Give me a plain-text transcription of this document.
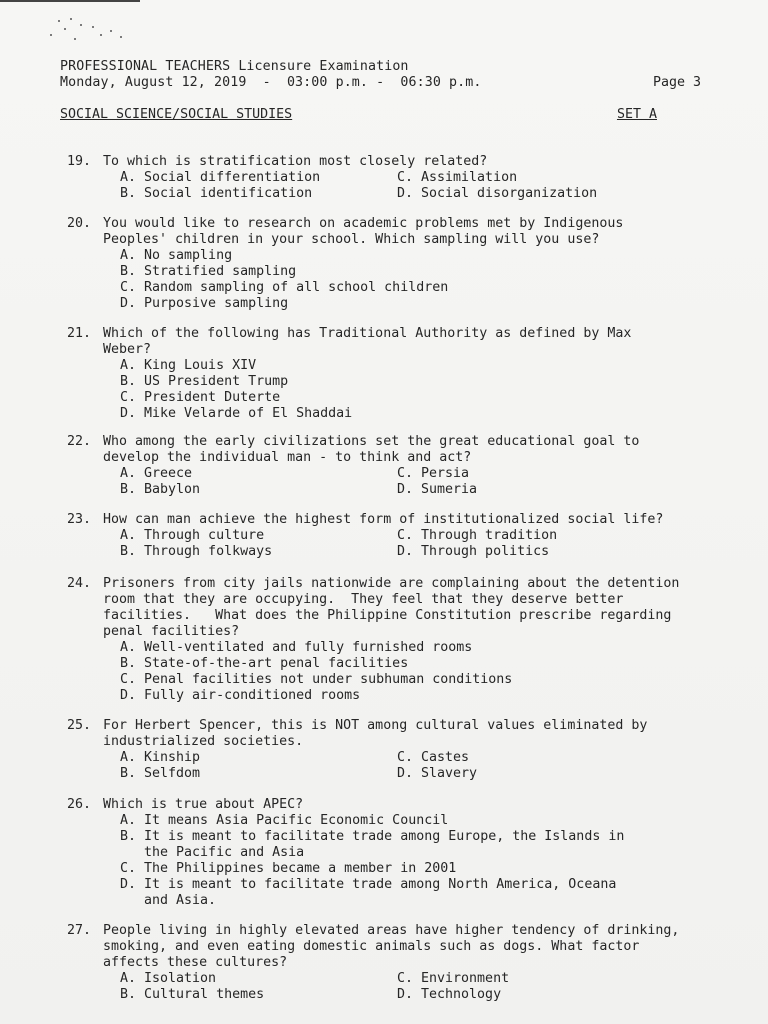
PROFESSIONAL TEACHERS Licensure Examination
Monday, August 12, 2019  -  03:00 p.m. -  06:30 p.m.	Page 3
SOCIAL SCIENCE/SOCIAL STUDIES	SET A
19. To which is stratification most closely related?
A. Social differentiation	C. Assimilation
B. Social identification	D. Social disorganization
20. You would like to research on academic problems met by Indigenous
Peoples' children in your school. Which sampling will you use?
A. No sampling
B. Stratified sampling
C. Random sampling of all school children
D. Purposive sampling
21. Which of the following has Traditional Authority as defined by Max
Weber?
A. King Louis XIV
B. US President Trump
C. President Duterte
D. Mike Velarde of El Shaddai
22. Who among the early civilizations set the great educational goal to
develop the individual man - to think and act?
A. Greece	C. Persia
B. Babylon	D. Sumeria
23. How can man achieve the highest form of institutionalized social life?
A. Through culture	C. Through tradition
B. Through folkways	D. Through politics
24. Prisoners from city jails nationwide are complaining about the detention
room that they are occupying.  They feel that they deserve better
facilities.   What does the Philippine Constitution prescribe regarding
penal facilities?
A. Well-ventilated and fully furnished rooms
B. State-of-the-art penal facilities
C. Penal facilities not under subhuman conditions
D. Fully air-conditioned rooms
25. For Herbert Spencer, this is NOT among cultural values eliminated by
industrialized societies.
A. Kinship	C. Castes
B. Selfdom	D. Slavery
26. Which is true about APEC?
A. It means Asia Pacific Economic Council
B. It is meant to facilitate trade among Europe, the Islands in
the Pacific and Asia
C. The Philippines became a member in 2001
D. It is meant to facilitate trade among North America, Oceana
and Asia.
27. People living in highly elevated areas have higher tendency of drinking,
smoking, and even eating domestic animals such as dogs. What factor
affects these cultures?
A. Isolation	C. Environment
B. Cultural themes	D. Technology
